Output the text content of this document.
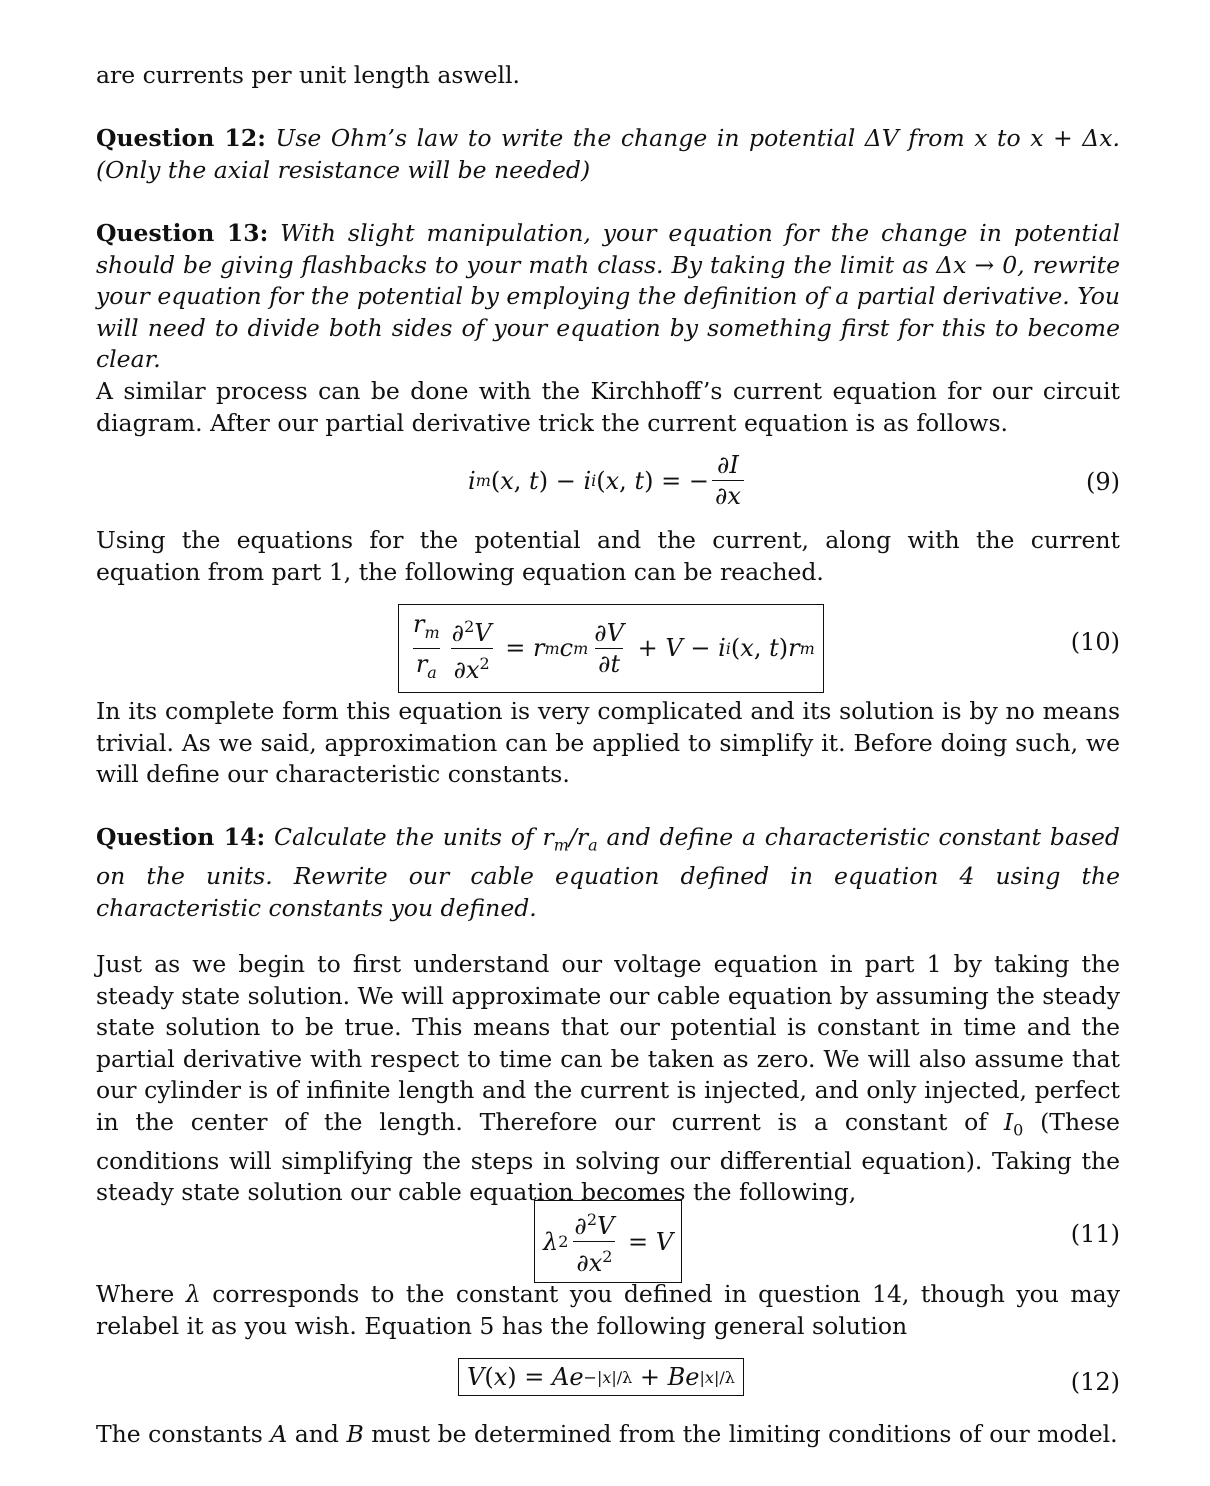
are currents per unit length aswell.

Question 12: Use Ohm’s law to write the change in potential ΔV from x to x + Δx.(Only the axial resistance will be needed)

Question 13: With slight manipulation, your equation for the change in potential should be giving flashbacks to your math class. By taking the limit as Δx → 0, rewrite your equation for the potential by employing the definition of a partial derivative. You will need to divide both sides of your equation by something first for this to become clear.

A similar process can be done with the Kirchhoff’s current equation for our circuit diagram. After our partial derivative trick the current equation is as follows.

i m ( x , t ) − i i ( x , t ) = − $\frac{\partial I}{\partial x}$	(9)

Using the equations for the potential and the current, along with the current equation from part 1, the following equation can be reached.

$\frac{r_m}{r_a} \frac{\partial^2V}{\partial x^2} = r$ m c m $\frac{\partial V}{\partial t} + V - i$ i ( x , t ) r m	(10)

In its complete form this equation is very complicated and its solution is by no means trivial. As we said, approximation can be applied to simplify it. Before doing such, we will define our characteristic constants.

Question 14: Calculate the units of $r_m/r_a$ and define a characteristic constant based on the units. Rewrite our cable equation defined in equation 4 using the characteristic constants you defined.

Just as we begin to first understand our voltage equation in part 1 by taking the steady state solution. We will approximate our cable equation by assuming the steady state solution to be true. This means that our potential is constant in time and the partial derivative with respect to time can be taken as zero. We will also assume that our cylinder is of infinite length and the current is injected, and only injected, perfect in the center of the length. Therefore our current is a constant of $I_0$ (These conditions will simplifying the steps in solving our differential equation). Taking the steady state solution our cable equation becomes the following,

λ $2 \frac{\partial^2V}{\partial x^2} = V$	(11)

Where λ corresponds to the constant you defined in question 14, though you may relabel it as you wish. Equation 5 has the following general solution

V ( x ) = Ae −|x|/λ + Be |x|/λ	(12)

The constants A and B must be determined from the limiting conditions of our model.
